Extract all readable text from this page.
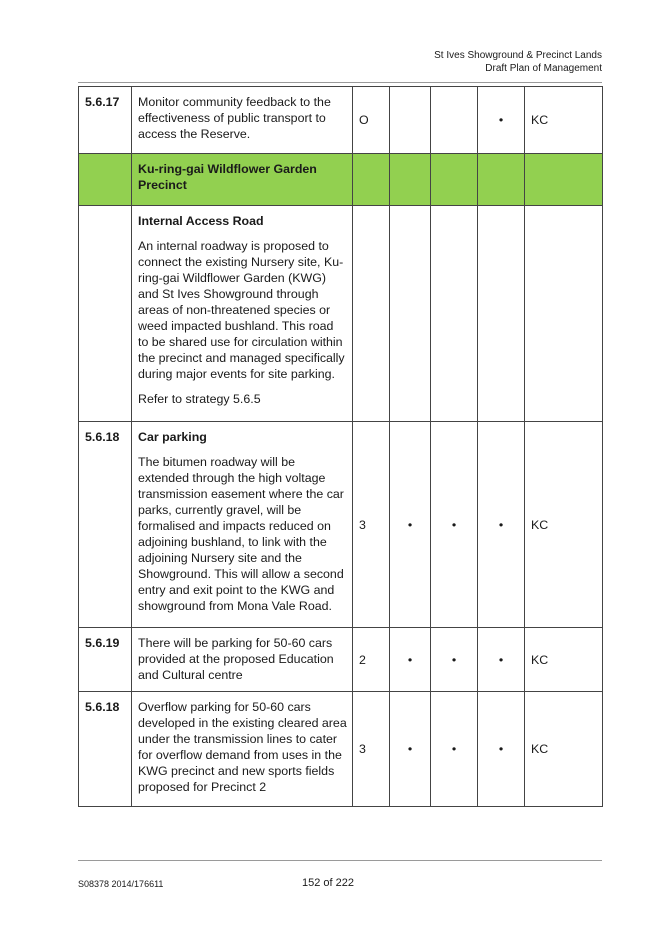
St Ives Showground & Precinct Lands
Draft Plan of Management
5.6.17	Monitor community feedback to the effectiveness of public transport to access the Reserve.	O			•	KC
	Ku-ring-gai Wildflower Garden Precinct					

	Internal Access Road
An internal roadway is proposed to connect the existing Nursery site, Ku-ring-gai Wildflower Garden (KWG) and St Ives Showground through areas of non-threatened species or weed impacted bushland. This road to be shared use for circulation within the precinct and managed specifically during major events for site parking.
Refer to strategy 5.6.5					

5.6.18	Car parking
The bitumen roadway will be extended through the high voltage transmission easement where the car parks, currently gravel, will be formalised and impacts reduced on adjoining bushland, to link with the adjoining Nursery site and the Showground. This will allow a second entry and exit point to the KWG and showground from Mona Vale Road.	3	•	•	•	KC
5.6.19	There will be parking for 50-60 cars provided at the proposed Education and Cultural centre	2	•	•	•	KC
5.6.18	Overflow parking for 50-60 cars developed in the existing cleared area under the transmission lines to cater for overflow demand from uses in the KWG precinct and new sports fields proposed for Precinct 2	3	•	•	•	KC
S08378 2014/176611	152 of 222
